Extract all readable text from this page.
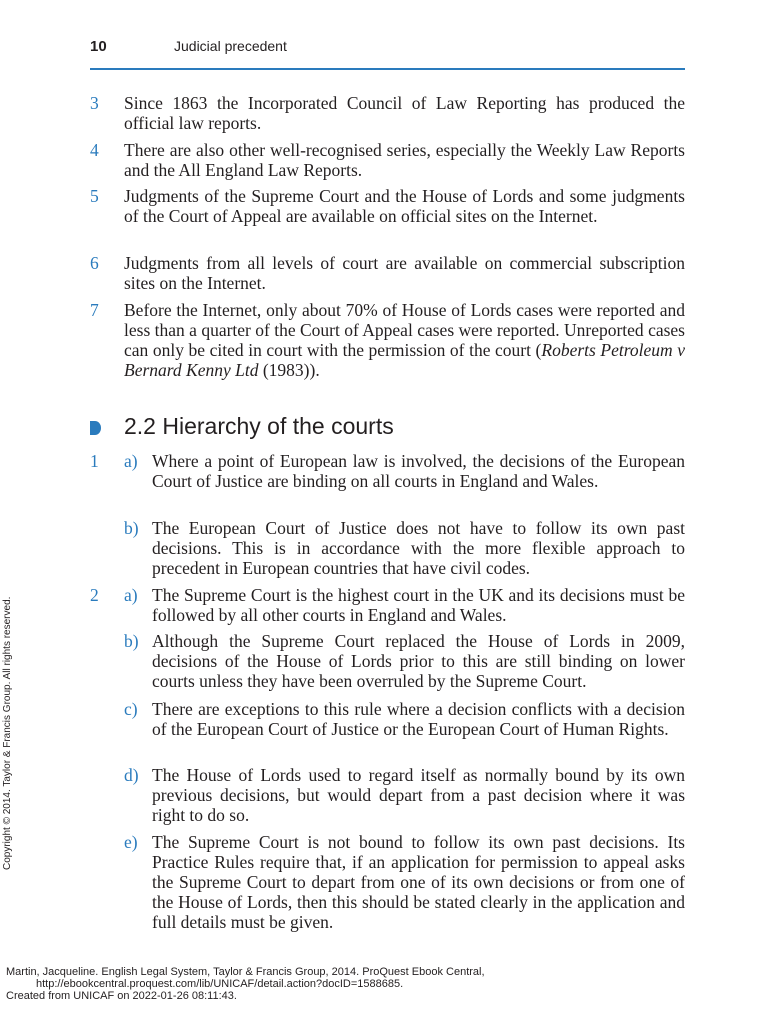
10	Judicial precedent
3 Since 1863 the Incorporated Council of Law Reporting has produced the official law reports.
4 There are also other well-recognised series, especially the Weekly Law Reports and the All England Law Reports.
5 Judgments of the Supreme Court and the House of Lords and some judgments of the Court of Appeal are available on official sites on the Internet.
6 Judgments from all levels of court are available on commercial subscription sites on the Internet.
7 Before the Internet, only about 70% of House of Lords cases were reported and less than a quarter of the Court of Appeal cases were reported. Unreported cases can only be cited in court with the permission of the court (Roberts Petroleum v Bernard Kenny Ltd (1983)).
2.2 Hierarchy of the courts
1 a) Where a point of European law is involved, the decisions of the European Court of Justice are binding on all courts in England and Wales.
b) The European Court of Justice does not have to follow its own past decisions. This is in accordance with the more flexible approach to precedent in European countries that have civil codes.
2 a) The Supreme Court is the highest court in the UK and its decisions must be followed by all other courts in England and Wales.
b) Although the Supreme Court replaced the House of Lords in 2009, decisions of the House of Lords prior to this are still binding on lower courts unless they have been overruled by the Supreme Court.
c) There are exceptions to this rule where a decision conflicts with a decision of the European Court of Justice or the European Court of Human Rights.
d) The House of Lords used to regard itself as normally bound by its own previous decisions, but would depart from a past decision where it was right to do so.
e) The Supreme Court is not bound to follow its own past decisions. Its Practice Rules require that, if an application for permission to appeal asks the Supreme Court to depart from one of its own decisions or from one of the House of Lords, then this should be stated clearly in the application and full details must be given.
Copyright © 2014. Taylor & Francis Group. All rights reserved.
Martin, Jacqueline. English Legal System, Taylor & Francis Group, 2014. ProQuest Ebook Central,
http://ebookcentral.proquest.com/lib/UNICAF/detail.action?docID=1588685.
Created from UNICAF on 2022-01-26 08:11:43.
